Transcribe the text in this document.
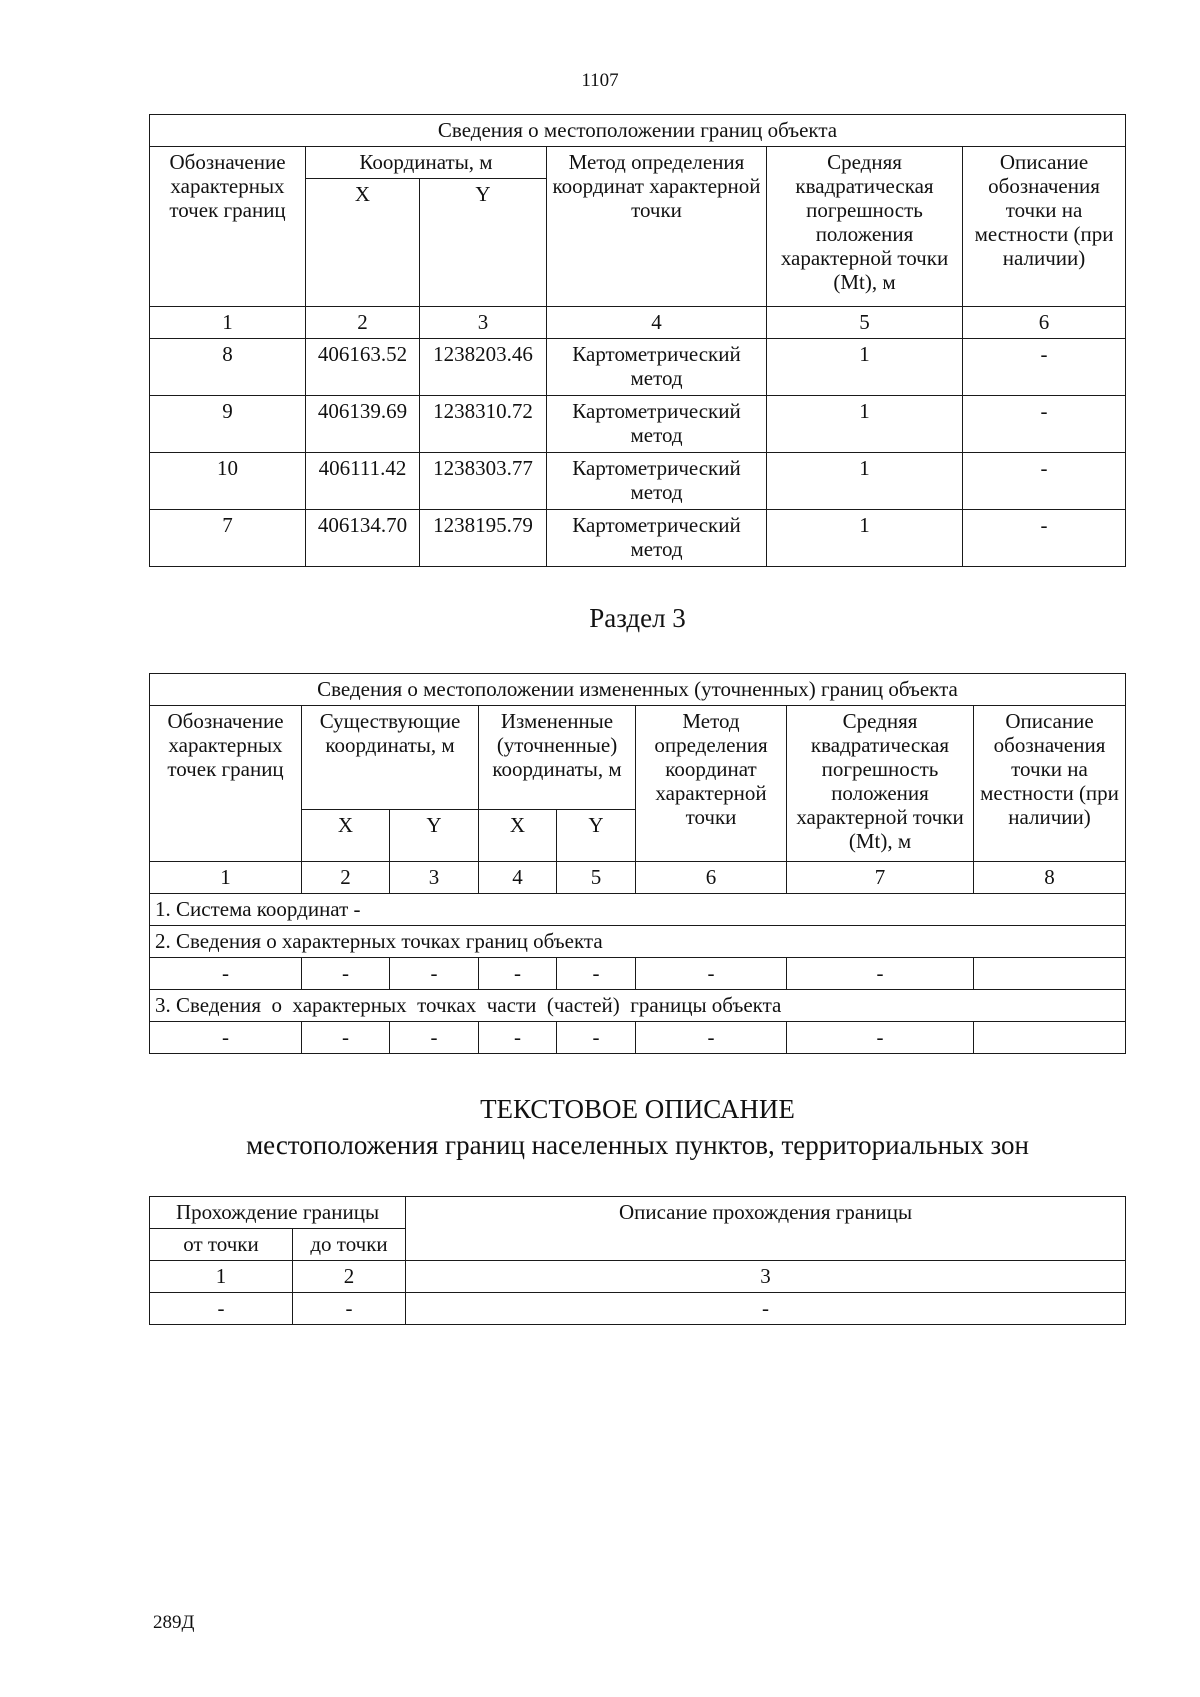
1107
Сведения о местоположении границ объекта					
Обозначение характерных точек границ	Координаты, м		Метод определения координат характерной точки	Средняя квадратическая погрешность положения характерной точки (Mt), м	Описание обозначения точки на местности (при наличии)
	X	Y			
1	2	3	4	5	6
8	406163.52	1238203.46	Картометрический метод	1	-
9	406139.69	1238310.72	Картометрический метод	1	-
10	406111.42	1238303.77	Картометрический метод	1	-
7	406134.70	1238195.79	Картометрический метод	1	-
Раздел 3
Сведения о местоположении измененных (уточненных) границ объекта							
Обозначение характерных точек границ	Существующие координаты, м		Измененные (уточненные) координаты, м		Метод определения координат характерной точки	Средняя квадратическая погрешность положения характерной точки (Mt), м	Описание обозначения точки на местности (при наличии)
	X	Y	X	Y			
1	2	3	4	5	6	7	8
1. Система координат -							
2. Сведения о характерных точках границ объекта							
-	-	-	-	-	-	-	
3. Сведения  о  характерных  точках  части  (частей)  границы объекта							
-	-	-	-	-	-	-	
ТЕКСТОВОЕ ОПИСАНИЕ
местоположения границ населенных пунктов, территориальных зон
Прохождение границы		Описание прохождения границы
от точки	до точки	
1	2	3
-	-	-
289Д
